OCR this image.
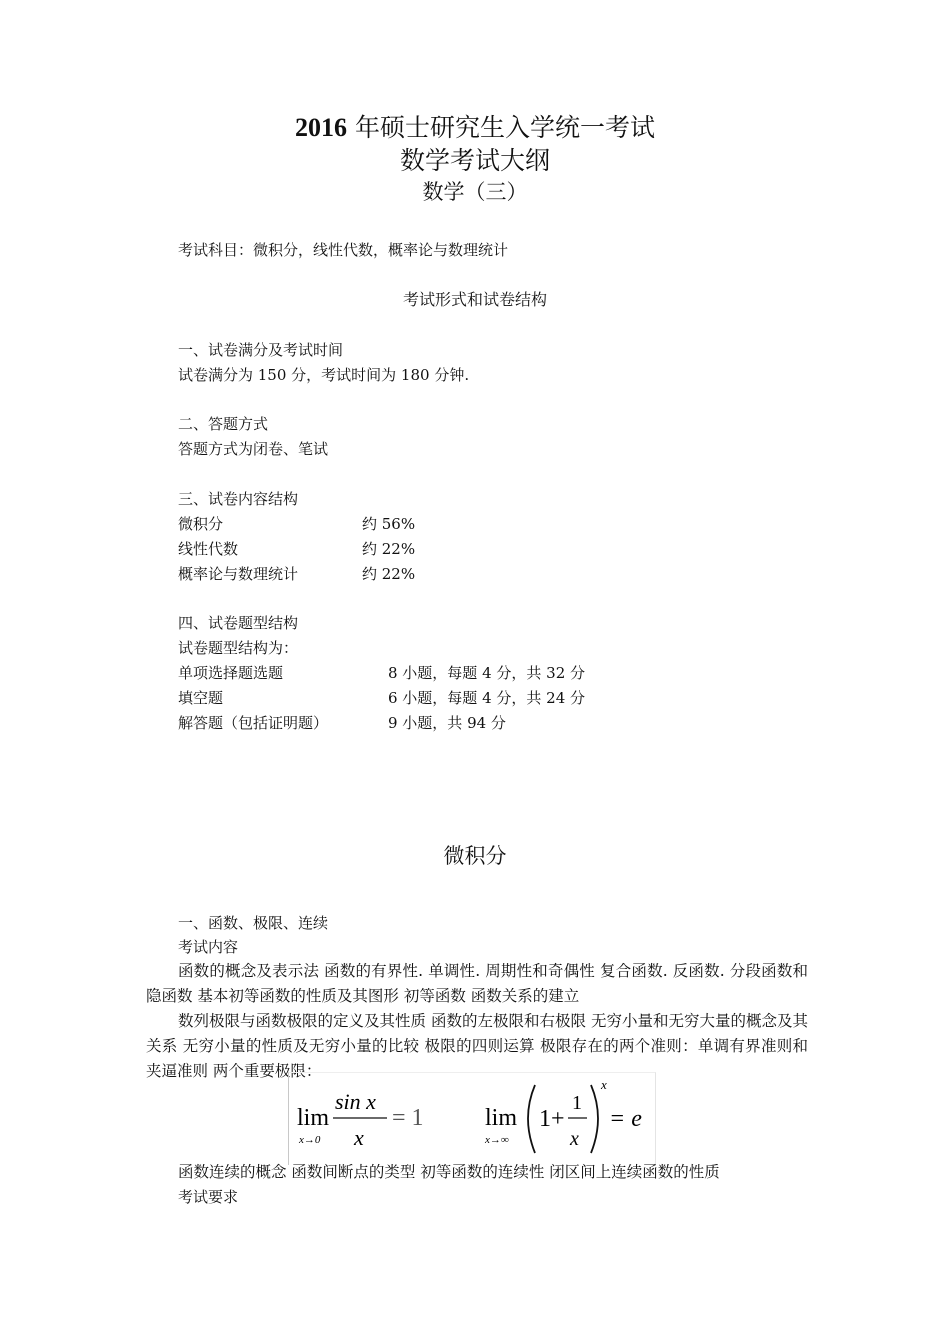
2016 年硕士研究生入学统一考试
数学考试大纲
数学（三）
考试科目：微积分，线性代数，概率论与数理统计
考试形式和试卷结构
一、试卷满分及考试时间
试卷满分为 150 分，考试时间为 180 分钟.
二、答题方式
答题方式为闭卷、笔试
三、试卷内容结构
微积分	约 56%
线性代数	约 22%
概率论与数理统计	约 22%
四、试卷题型结构
试卷题型结构为：
单项选择题选题	8 小题，每题 4 分，共 32 分
填空题	6 小题，每题 4 分，共 24 分
解答题（包括证明题）	9 小题，共 94 分
微积分
一、函数、极限、连续
考试内容
函数的概念及表示法 函数的有界性. 单调性. 周期性和奇偶性 复合函数. 反函数. 分段函数和隐函数 基本初等函数的性质及其图形 初等函数 函数关系的建立
数列极限与函数极限的定义及其性质 函数的左极限和右极限 无穷小量和无穷大量的概念及其关系 无穷小量的性质及无穷小量的比较 极限的四则运算 极限存在的两个准则：单调有界准则和夹逼准则 两个重要极限：
lim
x→0
sin x
x
= 1	lim
x→∞
1+
1
x
x
= e
函数连续的概念 函数间断点的类型 初等函数的连续性 闭区间上连续函数的性质
考试要求
